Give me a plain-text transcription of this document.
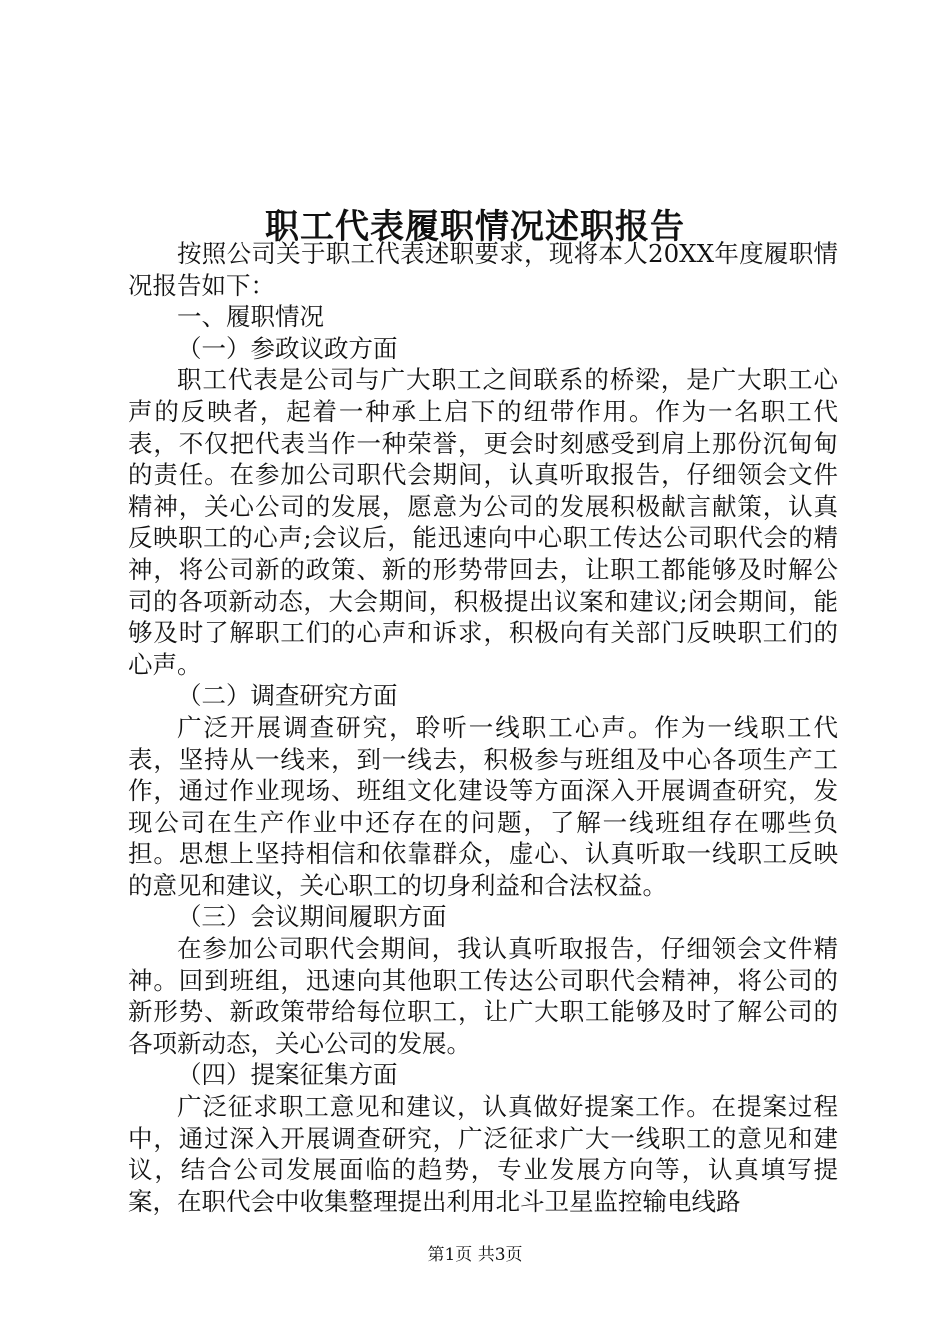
职工代表履职情况述职报告

按照公司关于职工代表述职要求，现将本人20XX年度履职情况报告如下：

一、履职情况

（一）参政议政方面

职工代表是公司与广大职工之间联系的桥梁，是广大职工心声的反映者，起着一种承上启下的纽带作用。作为一名职工代表，不仅把代表当作一种荣誉，更会时刻感受到肩上那份沉甸甸的责任。在参加公司职代会期间，认真听取报告，仔细领会文件精神，关心公司的发展，愿意为公司的发展积极献言献策，认真反映职工的心声;会议后，能迅速向中心职工传达公司职代会的精神，将公司新的政策、新的形势带回去，让职工都能够及时解公司的各项新动态，大会期间，积极提出议案和建议;闭会期间，能够及时了解职工们的心声和诉求，积极向有关部门反映职工们的心声。

（二）调查研究方面

广泛开展调查研究，聆听一线职工心声。作为一线职工代表，坚持从一线来，到一线去，积极参与班组及中心各项生产工作，通过作业现场、班组文化建设等方面深入开展调查研究，发现公司在生产作业中还存在的问题，了解一线班组存在哪些负担。思想上坚持相信和依靠群众，虚心、认真听取一线职工反映的意见和建议，关心职工的切身利益和合法权益。

（三）会议期间履职方面

在参加公司职代会期间，我认真听取报告，仔细领会文件精神。回到班组，迅速向其他职工传达公司职代会精神，将公司的新形势、新政策带给每位职工，让广大职工能够及时了解公司的各项新动态，关心公司的发展。

（四）提案征集方面

广泛征求职工意见和建议，认真做好提案工作。在提案过程中，通过深入开展调查研究，广泛征求广大一线职工的意见和建议，结合公司发展面临的趋势，专业发展方向等，认真填写提案，在职代会中收集整理提出利用北斗卫星监控输电线路

第1页 共3页
